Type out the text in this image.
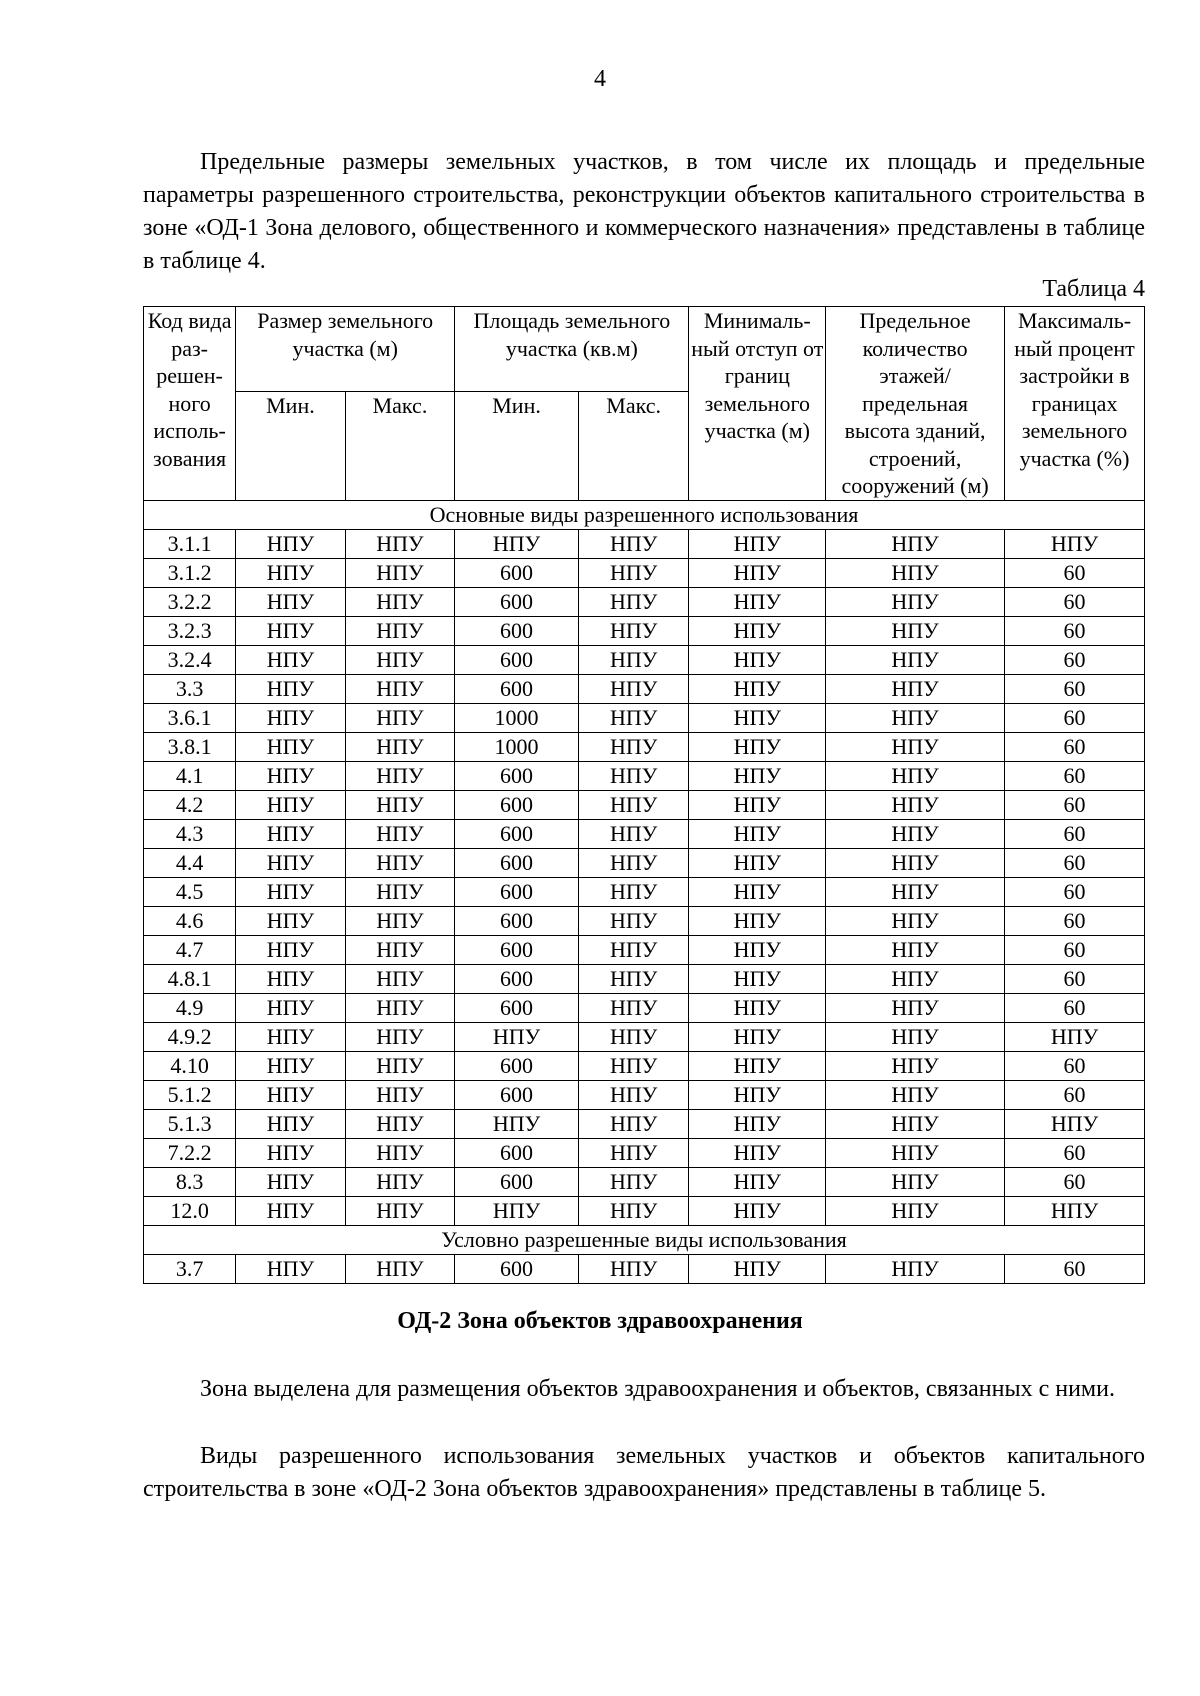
4
Предельные размеры земельных участков, в том числе их площадь и предельные параметры разрешенного строительства, реконструкции объектов капитального строительства в зоне «ОД-1 Зона делового, общественного и коммерческого назначения» представлены в таблице в таблице 4.
Таблица 4
Код вида раз-решен-ного исполь-зования	Размер земельного участка (м)		Площадь земельного участка (кв.м)		Минималь-ный отступ от границ земельного участка (м)	Предельное количество этажей/ предельная высота зданий, строений, сооружений (м)	Максималь-ный процент застройки в границах земельного участка (%)
	Мин.	Макс.	Мин.	Макс.			
Основные виды разрешенного использования							
3.1.1	НПУ	НПУ	НПУ	НПУ	НПУ	НПУ	НПУ
3.1.2	НПУ	НПУ	600	НПУ	НПУ	НПУ	60
3.2.2	НПУ	НПУ	600	НПУ	НПУ	НПУ	60
3.2.3	НПУ	НПУ	600	НПУ	НПУ	НПУ	60
3.2.4	НПУ	НПУ	600	НПУ	НПУ	НПУ	60
3.3	НПУ	НПУ	600	НПУ	НПУ	НПУ	60
3.6.1	НПУ	НПУ	1000	НПУ	НПУ	НПУ	60
3.8.1	НПУ	НПУ	1000	НПУ	НПУ	НПУ	60
4.1	НПУ	НПУ	600	НПУ	НПУ	НПУ	60
4.2	НПУ	НПУ	600	НПУ	НПУ	НПУ	60
4.3	НПУ	НПУ	600	НПУ	НПУ	НПУ	60
4.4	НПУ	НПУ	600	НПУ	НПУ	НПУ	60
4.5	НПУ	НПУ	600	НПУ	НПУ	НПУ	60
4.6	НПУ	НПУ	600	НПУ	НПУ	НПУ	60
4.7	НПУ	НПУ	600	НПУ	НПУ	НПУ	60
4.8.1	НПУ	НПУ	600	НПУ	НПУ	НПУ	60
4.9	НПУ	НПУ	600	НПУ	НПУ	НПУ	60
4.9.2	НПУ	НПУ	НПУ	НПУ	НПУ	НПУ	НПУ
4.10	НПУ	НПУ	600	НПУ	НПУ	НПУ	60
5.1.2	НПУ	НПУ	600	НПУ	НПУ	НПУ	60
5.1.3	НПУ	НПУ	НПУ	НПУ	НПУ	НПУ	НПУ
7.2.2	НПУ	НПУ	600	НПУ	НПУ	НПУ	60
8.3	НПУ	НПУ	600	НПУ	НПУ	НПУ	60
12.0	НПУ	НПУ	НПУ	НПУ	НПУ	НПУ	НПУ
Условно разрешенные виды использования							
3.7	НПУ	НПУ	600	НПУ	НПУ	НПУ	60
ОД-2 Зона объектов здравоохранения
Зона выделена для размещения объектов здравоохранения и объектов, связанных с ними.
Виды разрешенного использования земельных участков и объектов капитального строительства в зоне «ОД-2 Зона объектов здравоохранения» представлены в таблице 5.
